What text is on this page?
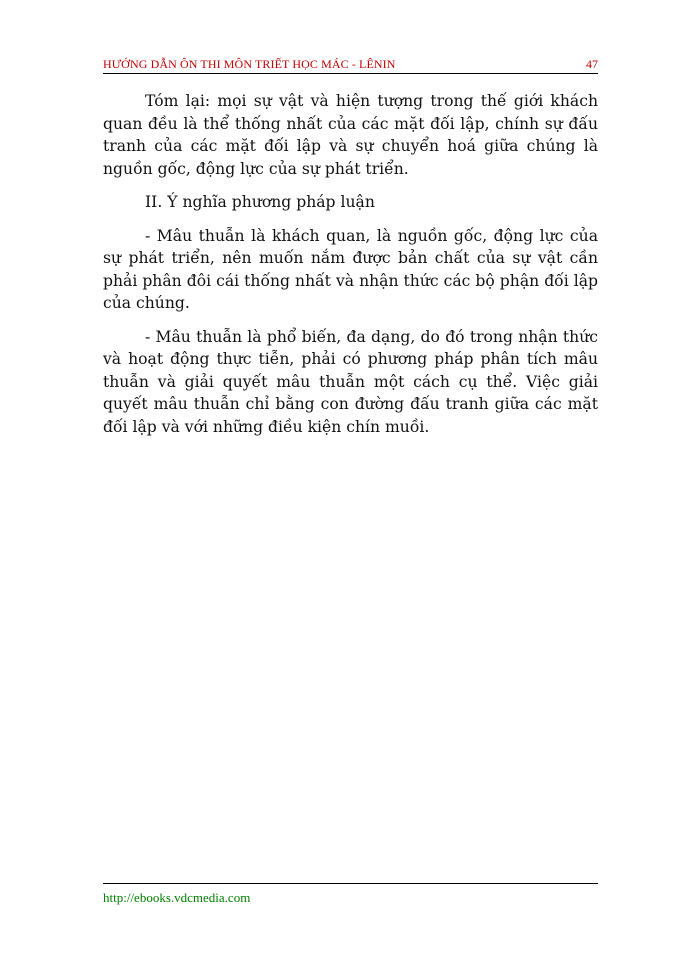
HƯỚNG DẪN ÔN THI MÔN TRIẾT HỌC MÁC - LÊNIN	47

Tóm lại: mọi sự vật và hiện tượng trong thế giới khách quan đều là thể thống nhất của các mặt đối lập, chính sự đấu tranh của các mặt đối lập và sự chuyển hoá giữa chúng là nguồn gốc, động lực của sự phát triển.

II. Ý nghĩa phương pháp luận

- Mâu thuẫn là khách quan, là nguồn gốc, động lực của sự phát triển, nên muốn nắm được bản chất của sự vật cần phải phân đôi cái thống nhất và nhận thức các bộ phận đối lập của chúng.

- Mâu thuẫn là phổ biến, đa dạng, do đó trong nhận thức và hoạt động thực tiễn, phải có phương pháp phân tích mâu thuẫn và giải quyết mâu thuẫn một cách cụ thể. Việc giải quyết mâu thuẫn chỉ bằng con đường đấu tranh giữa các mặt đối lập và với những điều kiện chín muồi.

http://ebooks.vdcmedia.com
